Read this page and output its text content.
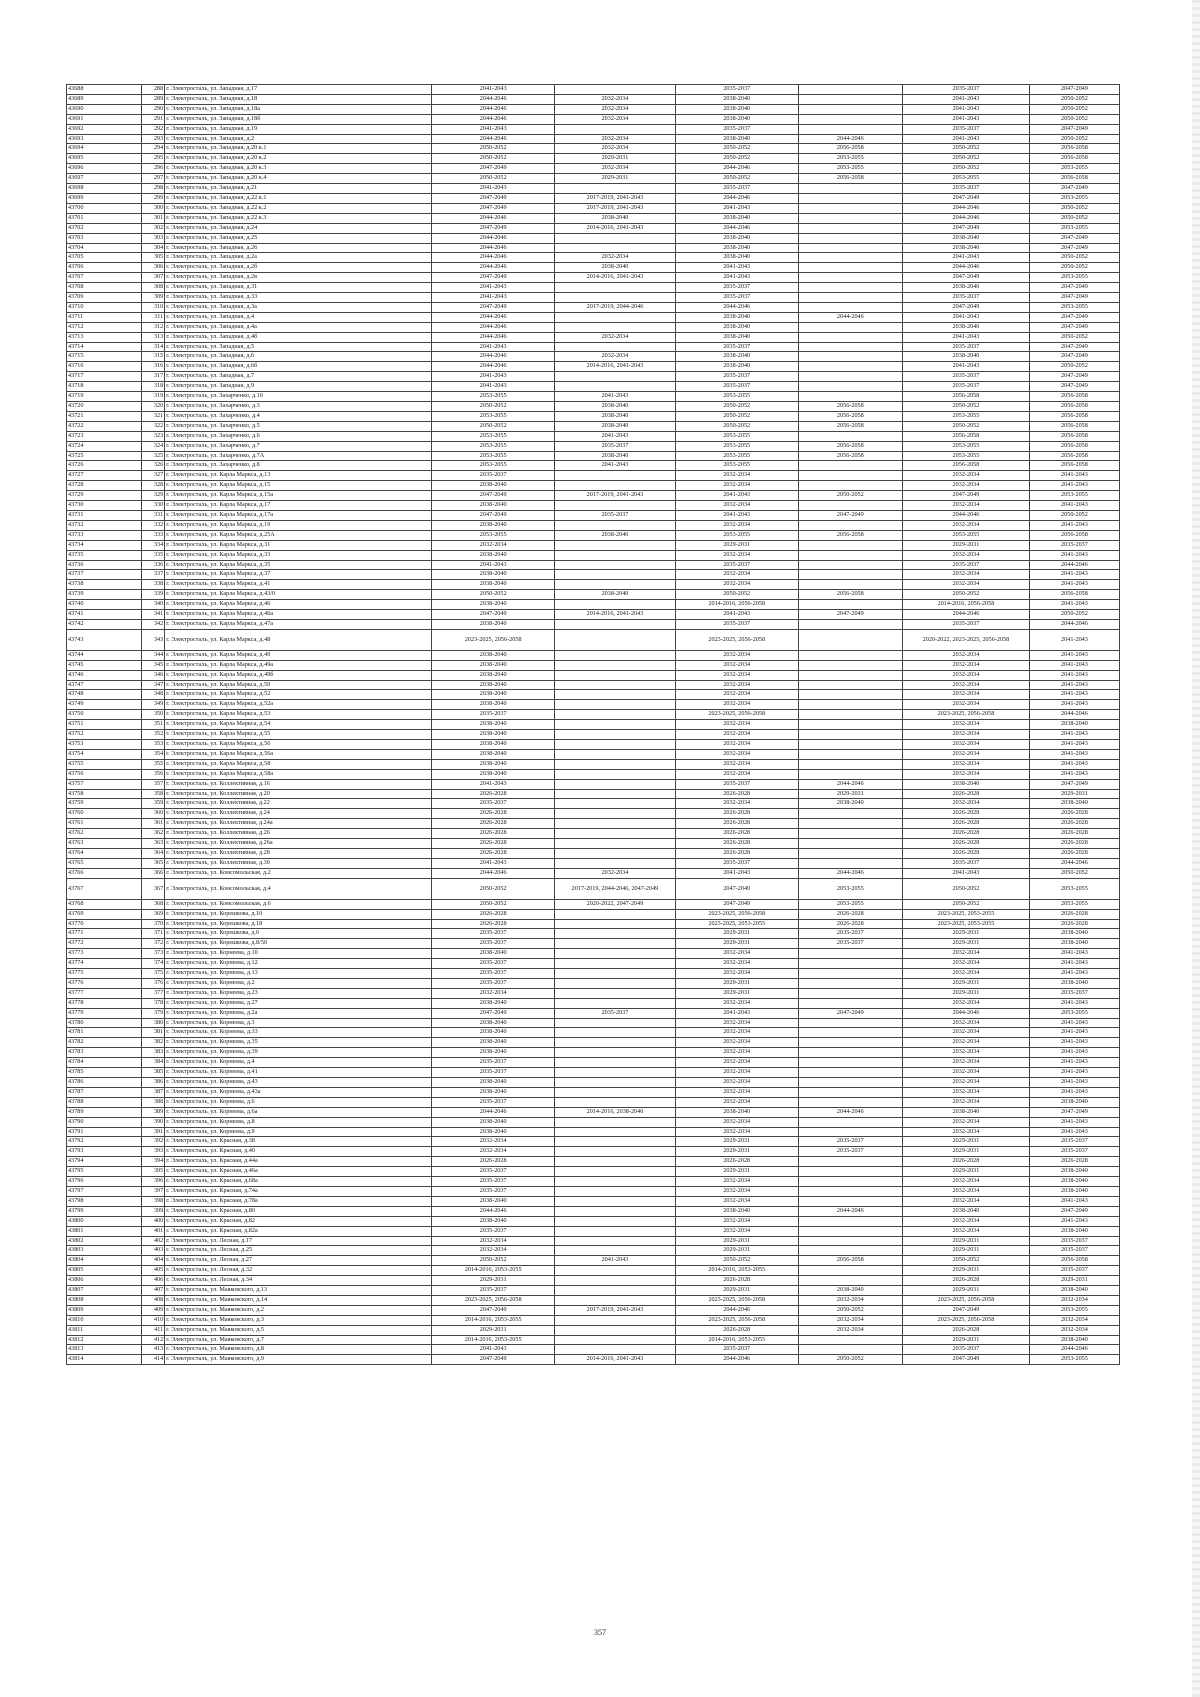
43688	288	г. Электросталь, ул. Западная, д.17	2041-2043		2035-2037		2035-2037	2047-2049
43689	289	г. Электросталь, ул. Западная, д.18	2044-2046	2032-2034	2038-2040		2041-2043	2050-2052
43690	290	г. Электросталь, ул. Западная, д.18а	2044-2046	2032-2034	2038-2040		2041-2043	2050-2052
43691	291	г. Электросталь, ул. Западная, д.18б	2044-2046	2032-2034	2038-2040		2041-2043	2050-2052
43692	292	г. Электросталь, ул. Западная, д.19	2041-2043		2035-2037		2035-2037	2047-2049
43693	293	г. Электросталь, ул. Западная, д.2	2044-2046	2032-2034	2038-2040	2044-2046	2041-2043	2050-2052
43694	294	г. Электросталь, ул. Западная, д.20 к.1	2050-2052	2032-2034	2050-2052	2056-2058	2050-2052	2056-2058
43695	295	г. Электросталь, ул. Западная, д.20 к.2	2050-2052	2029-2031	2050-2052	2053-2055	2050-2052	2056-2058
43696	296	г. Электросталь, ул. Западная, д.20 к.3	2047-2049	2032-2034	2044-2046	2053-2055	2050-2052	2053-2055
43697	297	г. Электросталь, ул. Западная, д.20 к.4	2050-2052	2029-2031	2050-2052	2056-2058	2053-2055	2056-2058
43698	298	г. Электросталь, ул. Западная, д.21	2041-2043		2035-2037		2035-2037	2047-2049
43699	299	г. Электросталь, ул. Западная, д.22 к.1	2047-2049	2017-2019, 2041-2043	2044-2046		2047-2049	2053-2055
43700	300	г. Электросталь, ул. Западная, д.22 к.2	2047-2049	2017-2019, 2041-2043	2041-2043		2044-2046	2050-2052
43701	301	г. Электросталь, ул. Западная, д.22 к.3	2044-2046	2038-2040	2038-2040		2044-2046	2050-2052
43702	302	г. Электросталь, ул. Западная, д.24	2047-2049	2014-2016, 2041-2043	2044-2046		2047-2049	2053-2055
43703	303	г. Электросталь, ул. Западная, д.25	2044-2046		2038-2040		2038-2040	2047-2049
43704	304	г. Электросталь, ул. Западная, д.26	2044-2046		2038-2040		2038-2040	2047-2049
43705	305	г. Электросталь, ул. Западная, д.2а	2044-2046	2032-2034	2038-2040		2041-2043	2050-2052
43706	306	г. Электросталь, ул. Западная, д.2б	2044-2046	2038-2040	2041-2043		2044-2046	2050-2052
43707	307	г. Электросталь, ул. Западная, д.2в	2047-2049	2014-2016, 2041-2043	2041-2043		2047-2049	2053-2055
43708	308	г. Электросталь, ул. Западная, д.31	2041-2043		2035-2037		2038-2040	2047-2049
43709	309	г. Электросталь, ул. Западная, д.33	2041-2043		2035-2037		2035-2037	2047-2049
43710	310	г. Электросталь, ул. Западная, д.3а	2047-2049	2017-2019, 2044-2046	2044-2046		2047-2049	2053-2055
43711	311	г. Электросталь, ул. Западная, д.4	2044-2046		2038-2040	2044-2046	2041-2043	2047-2049
43712	312	г. Электросталь, ул. Западная, д.4а	2044-2046		2038-2040		2038-2040	2047-2049
43713	313	г. Электросталь, ул. Западная, д.4б	2044-2046	2032-2034	2038-2040		2041-2043	2050-2052
43714	314	г. Электросталь, ул. Западная, д.5	2041-2043		2035-2037		2035-2037	2047-2049
43715	315	г. Электросталь, ул. Западная, д.6	2044-2046	2032-2034	2038-2040		2038-2040	2047-2049
43716	316	г. Электросталь, ул. Западная, д.6б	2044-2046	2014-2016, 2041-2043	2038-2040		2041-2043	2050-2052
43717	317	г. Электросталь, ул. Западная, д.7	2041-2043		2035-2037		2035-2037	2047-2049
43718	318	г. Электросталь, ул. Западная, д.9	2041-2043		2035-2037		2035-2037	2047-2049
43719	319	г. Электросталь, ул. Захарченко, д.10	2053-2055	2041-2043	2053-2055		2056-2058	2056-2058
43720	320	г. Электросталь, ул. Захарченко, д.3	2050-2052	2038-2040	2050-2052	2056-2058	2050-2052	2056-2058
43721	321	г. Электросталь, ул. Захарченко, д.4	2053-2055	2038-2040	2050-2052	2056-2058	2053-2055	2056-2058
43722	322	г. Электросталь, ул. Захарченко, д.5	2050-2052	2038-2040	2050-2052	2056-2058	2050-2052	2056-2058
43723	323	г. Электросталь, ул. Захарченко, д.6	2053-2055	2041-2043	2053-2055		2056-2058	2056-2058
43724	324	г. Электросталь, ул. Захарченко, д.7	2053-2055	2035-2037	2053-2055	2056-2058	2053-2055	2056-2058
43725	325	г. Электросталь, ул. Захарченко, д.7А	2053-2055	2038-2040	2053-2055	2056-2058	2053-2055	2056-2058
43726	326	г. Электросталь, ул. Захарченко, д.8	2053-2055	2041-2043	2053-2055		2056-2058	2056-2058
43727	327	г. Электросталь, ул. Карла Маркса, д.13	2035-2037		2032-2034		2032-2034	2041-2043
43728	328	г. Электросталь, ул. Карла Маркса, д.15	2038-2040		2032-2034		2032-2034	2041-2043
43729	329	г. Электросталь, ул. Карла Маркса, д.15а	2047-2049	2017-2019, 2041-2043	2041-2043	2050-2052	2047-2049	2053-2055
43730	330	г. Электросталь, ул. Карла Маркса, д.17	2038-2040		2032-2034		2032-2034	2041-2043
43731	331	г. Электросталь, ул. Карла Маркса, д.17а	2047-2049	2035-2037	2041-2043	2047-2049	2044-2046	2050-2052
43732	332	г. Электросталь, ул. Карла Маркса, д.19	2038-2040		2032-2034		2032-2034	2041-2043
43733	333	г. Электросталь, ул. Карла Маркса, д.25А	2053-2055	2038-2040	2053-2055	2056-2058	2053-2055	2056-2058
43734	334	г. Электросталь, ул. Карла Маркса, д.31	2032-2034		2029-2031		2029-2031	2035-2037
43735	335	г. Электросталь, ул. Карла Маркса, д.33	2038-2040		2032-2034		2032-2034	2041-2043
43736	336	г. Электросталь, ул. Карла Маркса, д.35	2041-2043		2035-2037		2035-2037	2044-2046
43737	337	г. Электросталь, ул. Карла Маркса, д.37	2038-2040		2032-2034		2032-2034	2041-2043
43738	338	г. Электросталь, ул. Карла Маркса, д.41	2038-2040		2032-2034		2032-2034	2041-2043
43739	339	г. Электросталь, ул. Карла Маркса, д.43/0	2050-2052	2038-2040	2050-2052	2056-2058	2050-2052	2056-2058
43740	340	г. Электросталь, ул. Карла Маркса, д.46	2038-2040		2014-2016, 2056-2058		2014-2016, 2056-2058	2041-2043
43741	341	г. Электросталь, ул. Карла Маркса, д.46а	2047-2049	2014-2016, 2041-2043	2041-2043	2047-2049	2044-2046	2050-2052
43742	342	г. Электросталь, ул. Карла Маркса, д.47а	2038-2040		2035-2037		2035-2037	2044-2046
43743	343	г. Электросталь, ул. Карла Маркса, д.48	2023-2025, 2056-2058		2023-2025, 2056-2058		2020-2022, 2023-2025, 2056-2058	2041-2043
43744	344	г. Электросталь, ул. Карла Маркса, д.49	2038-2040		2032-2034		2032-2034	2041-2043
43745	345	г. Электросталь, ул. Карла Маркса, д.49а	2038-2040		2032-2034		2032-2034	2041-2043
43746	346	г. Электросталь, ул. Карла Маркса, д.49б	2038-2040		2032-2034		2032-2034	2041-2043
43747	347	г. Электросталь, ул. Карла Маркса, д.50	2038-2040		2032-2034		2032-2034	2041-2043
43748	348	г. Электросталь, ул. Карла Маркса, д.52	2038-2040		2032-2034		2032-2034	2041-2043
43749	349	г. Электросталь, ул. Карла Маркса, д.52а	2038-2040		2032-2034		2032-2034	2041-2043
43750	350	г. Электросталь, ул. Карла Маркса, д.53	2035-2037		2023-2025, 2056-2058		2023-2025, 2056-2058	2044-2046
43751	351	г. Электросталь, ул. Карла Маркса, д.54	2038-2040		2032-2034		2032-2034	2038-2040
43752	352	г. Электросталь, ул. Карла Маркса, д.55	2038-2040		2032-2034		2032-2034	2041-2043
43753	353	г. Электросталь, ул. Карла Маркса, д.56	2038-2040		2032-2034		2032-2034	2041-2043
43754	354	г. Электросталь, ул. Карла Маркса, д.56а	2038-2040		2032-2034		2032-2034	2041-2043
43755	355	г. Электросталь, ул. Карла Маркса, д.58	2038-2040		2032-2034		2032-2034	2041-2043
43756	356	г. Электросталь, ул. Карла Маркса, д.58а	2038-2040		2032-2034		2032-2034	2041-2043
43757	357	г. Электросталь, ул. Коллективная, д.16	2041-2043		2035-2037	2044-2046	2038-2040	2047-2049
43758	358	г. Электросталь, ул. Коллективная, д.20	2026-2028		2026-2028	2029-2031	2026-2028	2029-2031
43759	359	г. Электросталь, ул. Коллективная, д.22	2035-2037		2032-2034	2038-2040	2032-2034	2038-2040
43760	360	г. Электросталь, ул. Коллективная, д.24	2026-2028		2026-2028		2026-2028	2026-2028
43761	361	г. Электросталь, ул. Коллективная, д.24а	2026-2028		2026-2028		2026-2028	2026-2028
43762	362	г. Электросталь, ул. Коллективная, д.26	2026-2028		2026-2028		2026-2028	2026-2028
43763	363	г. Электросталь, ул. Коллективная, д.26а	2026-2028		2026-2028		2026-2028	2026-2028
43764	364	г. Электросталь, ул. Коллективная, д.28	2026-2028		2026-2028		2026-2028	2026-2028
43765	365	г. Электросталь, ул. Коллективная, д.30	2041-2043		2035-2037		2035-2037	2044-2046
43766	366	г. Электросталь, ул. Комсомольская, д.2	2044-2046	2032-2034	2041-2043	2044-2046	2041-2043	2050-2052
43767	367	г. Электросталь, ул. Комсомольская, д.4	2050-2052	2017-2019, 2044-2046, 2047-2049	2047-2049	2053-2055	2050-2052	2053-2055
43768	368	г. Электросталь, ул. Комсомольская, д.6	2050-2052	2020-2022, 2047-2049	2047-2049	2053-2055	2050-2052	2053-2055
43769	369	г. Электросталь, ул. Корешкова, д.10	2026-2028		2023-2025, 2056-2058	2026-2028	2023-2025, 2053-2055	2026-2028
43770	370	г. Электросталь, ул. Корешкова, д.18	2026-2028		2023-2025, 2053-2055	2026-2028	2023-2025, 2053-2055	2026-2028
43771	371	г. Электросталь, ул. Корешкова, д.6	2035-2037		2029-2031	2035-2037	2029-2031	2038-2040
43772	372	г. Электросталь, ул. Корешкова, д.8/50	2035-2037		2029-2031	2035-2037	2029-2031	2038-2040
43773	373	г. Электросталь, ул. Корнеева, д.10	2038-2040		2032-2034		2032-2034	2041-2043
43774	374	г. Электросталь, ул. Корнеева, д.12	2035-2037		2032-2034		2032-2034	2041-2043
43775	375	г. Электросталь, ул. Корнеева, д.13	2035-2037		2032-2034		2032-2034	2041-2043
43776	376	г. Электросталь, ул. Корнеева, д.2	2035-2037		2029-2031		2029-2031	2038-2040
43777	377	г. Электросталь, ул. Корнеева, д.23	2032-2034		2029-2031		2029-2031	2035-2037
43778	378	г. Электросталь, ул. Корнеева, д.27	2038-2040		2032-2034		2032-2034	2041-2043
43779	379	г. Электросталь, ул. Корнеева, д.2а	2047-2049	2035-2037	2041-2043	2047-2049	2044-2046	2053-2055
43780	380	г. Электросталь, ул. Корнеева, д.3	2038-2040		2032-2034		2032-2034	2041-2043
43781	381	г. Электросталь, ул. Корнеева, д.33	2038-2040		2032-2034		2032-2034	2041-2043
43782	382	г. Электросталь, ул. Корнеева, д.35	2038-2040		2032-2034		2032-2034	2041-2043
43783	383	г. Электросталь, ул. Корнеева, д.39	2038-2040		2032-2034		2032-2034	2041-2043
43784	384	г. Электросталь, ул. Корнеева, д.4	2035-2037		2032-2034		2032-2034	2041-2043
43785	385	г. Электросталь, ул. Корнеева, д.41	2035-2037		2032-2034		2032-2034	2041-2043
43786	386	г. Электросталь, ул. Корнеева, д.43	2038-2040		2032-2034		2032-2034	2041-2043
43787	387	г. Электросталь, ул. Корнеева, д.43а	2038-2040		2032-2034		2032-2034	2041-2043
43788	388	г. Электросталь, ул. Корнеева, д.6	2035-2037		2032-2034		2032-2034	2038-2040
43789	389	г. Электросталь, ул. Корнеева, д.6а	2044-2046	2014-2016, 2038-2040	2038-2040	2044-2046	2038-2040	2047-2049
43790	390	г. Электросталь, ул. Корнеева, д.8	2038-2040		2032-2034		2032-2034	2041-2043
43791	391	г. Электросталь, ул. Корнеева, д.9	2038-2040		2032-2034		2032-2034	2041-2043
43792	392	г. Электросталь, ул. Красная, д.38	2032-2034		2029-2031	2035-2037	2029-2031	2035-2037
43793	393	г. Электросталь, ул. Красная, д.40	2032-2034		2029-2031	2035-2037	2029-2031	2035-2037
43794	394	г. Электросталь, ул. Красная, д.44а	2026-2028		2026-2028		2026-2028	2026-2028
43795	395	г. Электросталь, ул. Красная, д.46а	2035-2037		2029-2031		2029-2031	2038-2040
43796	396	г. Электросталь, ул. Красная, д.68а	2035-2037		2032-2034		2032-2034	2038-2040
43797	397	г. Электросталь, ул. Красная, д.74а	2035-2037		2032-2034		2032-2034	2038-2040
43798	398	г. Электросталь, ул. Красная, д.78а	2038-2040		2032-2034		2032-2034	2041-2043
43799	399	г. Электросталь, ул. Красная, д.80	2044-2046		2038-2040	2044-2046	2038-2040	2047-2049
43800	400	г. Электросталь, ул. Красная, д.82	2038-2040		2032-2034		2032-2034	2041-2043
43801	401	г. Электросталь, ул. Красная, д.82а	2035-2037		2032-2034		2032-2034	2038-2040
43802	402	г. Электросталь, ул. Лесная, д.17	2032-2034		2029-2031		2029-2031	2035-2037
43803	403	г. Электросталь, ул. Лесная, д.25	2032-2034		2029-2031		2029-2031	2035-2037
43804	404	г. Электросталь, ул. Лесная, д.27	2050-2052	2041-2043	2050-2052	2056-2058	2050-2052	2056-2058
43805	405	г. Электросталь, ул. Лесная, д.32	2014-2016, 2053-2055		2014-2016, 2053-2055		2029-2031	2035-2037
43806	406	г. Электросталь, ул. Лесная, д.34	2029-2031		2026-2028		2026-2028	2029-2031
43807	407	г. Электросталь, ул. Маяковского, д.13	2035-2037		2029-2031	2038-2040	2029-2031	2038-2040
43808	408	г. Электросталь, ул. Маяковского, д.14	2023-2025, 2056-2058		2023-2025, 2056-2058	2032-2034	2023-2025, 2056-2058	2032-2034
43809	409	г. Электросталь, ул. Маяковского, д.2	2047-2049	2017-2019, 2041-2043	2044-2046	2050-2052	2047-2049	2053-2055
43810	410	г. Электросталь, ул. Маяковского, д.3	2014-2016, 2053-2055		2023-2025, 2056-2058	2032-2034	2023-2025, 2056-2058	2032-2034
43811	411	г. Электросталь, ул. Маяковского, д.5	2029-2031		2026-2028	2032-2034	2026-2028	2032-2034
43812	412	г. Электросталь, ул. Маяковского, д.7	2014-2016, 2053-2055		2014-2016, 2053-2055		2029-2031	2038-2040
43813	413	г. Электросталь, ул. Маяковского, д.8	2041-2043		2035-2037		2035-2037	2044-2046
43814	414	г. Электросталь, ул. Маяковского, д.9	2047-2049	2014-2016, 2041-2043	2044-2046	2050-2052	2047-2049	2053-2055
357
